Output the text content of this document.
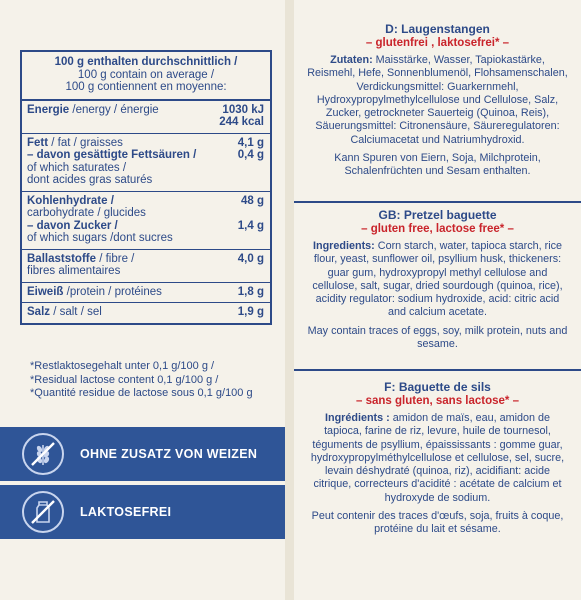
100 g enthalten durchschnittlich /
100 g contain on average /
100 g contiennent en moyenne:
Energie /energy / énergie	1030 kJ
244 kcal
Fett / fat / graisses	4,1 g
– davon gesättigte Fettsäuren /	0,4 g
of which saturates /
dont acides gras saturés
Kohlenhydrate /	48 g
carbohydrate / glucides
– davon Zucker /	1,4 g
of which sugars /dont sucres
Ballaststoffe / fibre /	4,0 g
fibres alimentaires
Eiweiß /protein / protéines	1,8 g
Salz / salt / sel	1,9 g
*Restlaktosegehalt unter 0,1 g/100 g /
*Residual lactose content 0,1 g/100 g /
*Quantité residue de lactose sous 0,1 g/100 g
OHNE ZUSATZ VON WEIZEN
LAKTOSEFREI
D: Laugenstangen
– glutenfrei , laktosefrei* –

Zutaten: Maisstärke, Wasser, Tapiokastärke, Reismehl, Hefe, Sonnenblumenöl, Flohsamenschalen, Verdickungsmittel: Guarkernmehl, Hydroxypropylmethylcellulose und Cellulose, Salz, Zucker, getrockneter Sauerteig (Quinoa, Reis), Säuerungsmittel: Citronensäure, Säureregulatoren: Calciumacetat und Natriumhydroxid.

Kann Spuren von Eiern, Soja, Milchprotein, Schalenfrüchten und Sesam enthalten.

GB: Pretzel baguette
– gluten free, lactose free* –

Ingredients: Corn starch, water, tapioca starch, rice flour, yeast, sunflower oil, psyllium husk, thickeners: guar gum, hydroxypropyl methyl cellulose and cellulose, salt, sugar, dried sourdough (quinoa, rice), acidity regulator: sodium hydroxide, acid: citric acid and calcium acetate.

May contain traces of eggs, soy, milk protein, nuts and sesame.

F: Baguette de sils
– sans gluten, sans lactose* –

Ingrédients : amidon de maïs, eau, amidon de tapioca, farine de riz, levure, huile de tournesol, téguments de psyllium, épaississants : gomme guar, hydroxypropylméthylcellulose et cellulose, sel, sucre, levain déshydraté (quinoa, riz), acidifiant: acide citrique, correcteurs d'acidité : acétate de calcium et hydroxyde de sodium.

Peut contenir des traces d'œufs, soja, fruits à coque, protéine du lait et sésame.
